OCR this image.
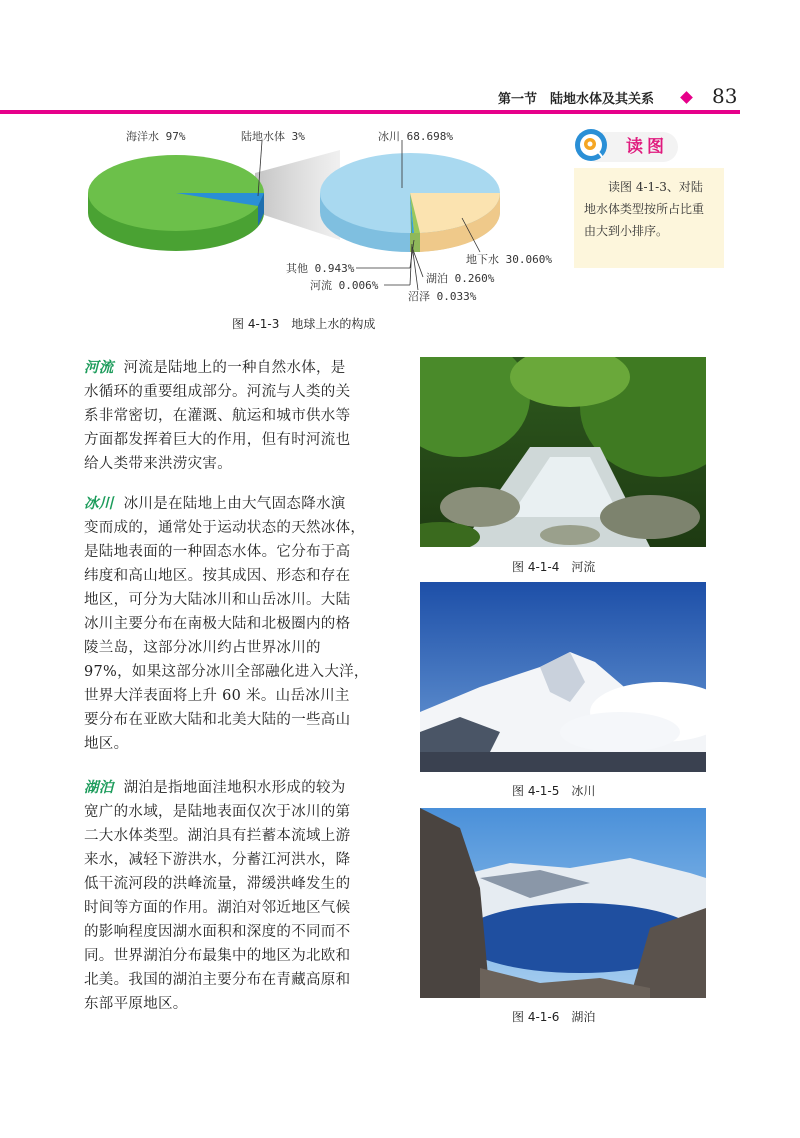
第一节　陆地水体及其关系	83
海洋水 97%	陆地水体 3%	冰川 68.698%
地下水 30.060%
其他 0.943%
湖泊 0.260%
沼泽 0.033%
河流 0.006%
图 4-1-3　地球上水的构成
读图
读图 4-1-3、对陆地水体类型按所占比重由大到小排序。
河流 河流是陆地上的一种自然水体，是
水循环的重要组成部分。河流与人类的关
系非常密切，在灌溉、航运和城市供水等
方面都发挥着巨大的作用，但有时河流也
给人类带来洪涝灾害。
冰川 冰川是在陆地上由大气固态降水演
变而成的，通常处于运动状态的天然冰体，
是陆地表面的一种固态水体。它分布于高
纬度和高山地区。按其成因、形态和存在
地区，可分为大陆冰川和山岳冰川。大陆
冰川主要分布在南极大陆和北极圈内的格
陵兰岛，这部分冰川约占世界冰川的
97%，如果这部分冰川全部融化进入大洋，
世界大洋表面将上升 60 米。山岳冰川主
要分布在亚欧大陆和北美大陆的一些高山
地区。
湖泊 湖泊是指地面洼地积水形成的较为
宽广的水域，是陆地表面仅次于冰川的第
二大水体类型。湖泊具有拦蓄本流域上游
来水，减轻下游洪水，分蓄江河洪水，降
低干流河段的洪峰流量，滞缓洪峰发生的
时间等方面的作用。湖泊对邻近地区气候
的影响程度因湖水面积和深度的不同而不
同。世界湖泊分布最集中的地区为北欧和
北美。我国的湖泊主要分布在青藏高原和
东部平原地区。
图 4-1-4　河流
图 4-1-5　冰川
图 4-1-6　湖泊
